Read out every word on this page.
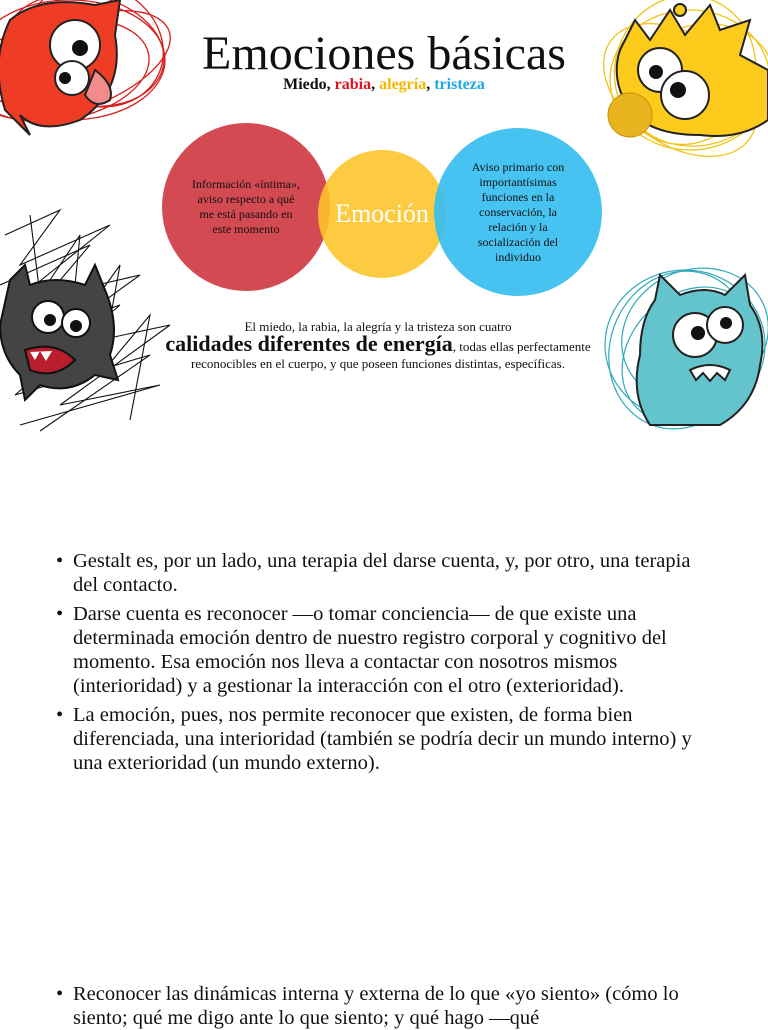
Emociones básicas
Miedo, rabia, alegría, tristeza
Información «íntima», aviso respecto a qué me está pasando en este momento
Aviso primario con importantísimas funciones en la conservación, la relación y la socialización del individuo
Emoción
El miedo, la rabia, la alegría y la tristeza son cuatro
calidades diferentes de energía, todas ellas perfectamente reconocibles en el cuerpo, y que poseen funciones distintas, específicas.
• Gestalt es, por un lado, una terapia del darse cuenta, y, por otro, una terapia del contacto.
• Darse cuenta es reconocer —o tomar conciencia— de que existe una determinada emoción dentro de nuestro registro corporal y cognitivo del momento. Esa emoción nos lleva a contactar con nosotros mismos (interioridad) y a gestionar la interacción con el otro (exterioridad).
• La emoción, pues, nos permite reconocer que existen, de forma bien diferenciada, una interioridad (también se podría decir un mundo interno) y una exterioridad (un mundo externo).
• Reconocer las dinámicas interna y externa de lo que «yo siento» (cómo lo siento; qué me digo ante lo que siento; y qué hago —qué
